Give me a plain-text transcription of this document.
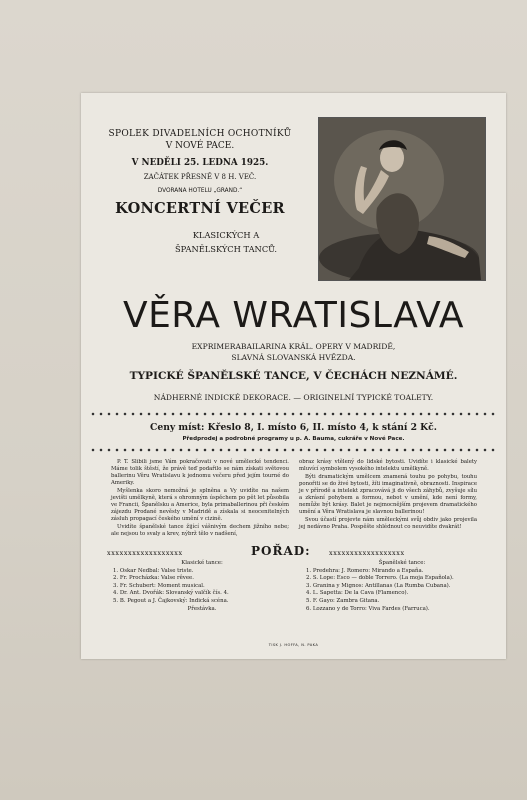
SPOLEK DIVADELNÍCH OCHOTNÍKŮ
V NOVÉ PACE.
V NEDĚLI 25. LEDNA 1925.
ZAČÁTEK PŘESNĚ V 8 H. VEČ.
DVORANA HOTELU „GRAND.“
KONCERTNÍ VEČER
KLASICKÝCH A
ŠPANĚLSKÝCH TANCŮ.
VĚRA WRATISLAVA
EXPRIMERABAILARINA KRÁL. OPERY V MADRIDĚ,
SLAVNÁ SLOVANSKÁ HVĚZDA.
TYPICKÉ ŠPANĚLSKÉ TANCE, V ČECHÁCH NEZNÁMÉ.
NÁDHERNÉ INDICKÉ DEKORACE. — ORIGINELNÍ TYPICKÉ TOALETY.
Ceny míst: Křeslo 8, I. místo 6, II. místo 4, k stání 2 Kč.
Předprodej a podrobné programy u p. A. Bauma, cukráře v Nové Pace.

P. T. Slibili jsme Vám pokračovati v nové umělecké tendenci. Máme tolik štěstí, že právě teď podařilo se nám získati světovou ballerinu Věru Wratislavu k jednomu večeru před jejím tourné do Ameriky.

Myšlenka skoro nemožná je splněna a Vy uvidíte na našem jevišti umělkyně, která s ohromným úspěchem po pět let působila ve Francii, Španělsku a Americe, byla primaballerinou při českém zájezdu Prodané nevěsty v Madridě a získala si neocenitelných zásluh propagací českého umění v cizině.

Uvidíte španělské tance žijící vášnivým dechem jižního nebe; ale nejsou to svaly a krev, nýbrž tělo v nadšení,

obraz krásy vtělený do lidské bytosti. Uvidíte i klasické balety mluvící symbolem vysokého intelektu umělkyně.

Býti dramatickým umělcem znamená touhu po pohybu, touhu ponořiti se do živé bytosti, žíti imaginativně, obraznosti. Inspirace je v přírodě a intelekt zpracovává ji do všech záhybů, zvyšuje sílu a zkrásní pohybem a formou, nebot v umění, kde není formy, nemůže být krásy. Balet je nejmocnějším projevem dramatického umění a Věra Wratislava je slavnou ballerinou!

Svou účastí projevte nám uměleckými svůj obdiv jako projevila jej nedávno Praha. Pospěšte shlédnout co neuvidíte dvakrát!

xxxxxxxxxxxxxxxxxx	POŘAD:	xxxxxxxxxxxxxxxxxx
Klasické tance:
1. Oskar Nedbal: Valse triste.
2. Fr. Procházka: Valse rêvee.
3. Fr. Schubert: Moment musical.
4. Dr. Ant. Dvořák: Slovanský valčík čís. 4.
5. B. Pegout a J. Čajkovský: Indická scéna.
Přestávka.
Španělské tance:
1. Predehra: J. Romero: Mirando a España.
2. S. Lope: Esco — doble Torrero. (La moja Española).
3. Granina y Mignos: Antillanas (La Rumba Cubana).
4. L. Sapetta: De la Cava (Flamenco).
5. F. Gayo: Zambra Gitana.
6. Lozzano y de Torro: Viva Fardes (Farruca).
TISK J. HOFFA, N. PAKA
